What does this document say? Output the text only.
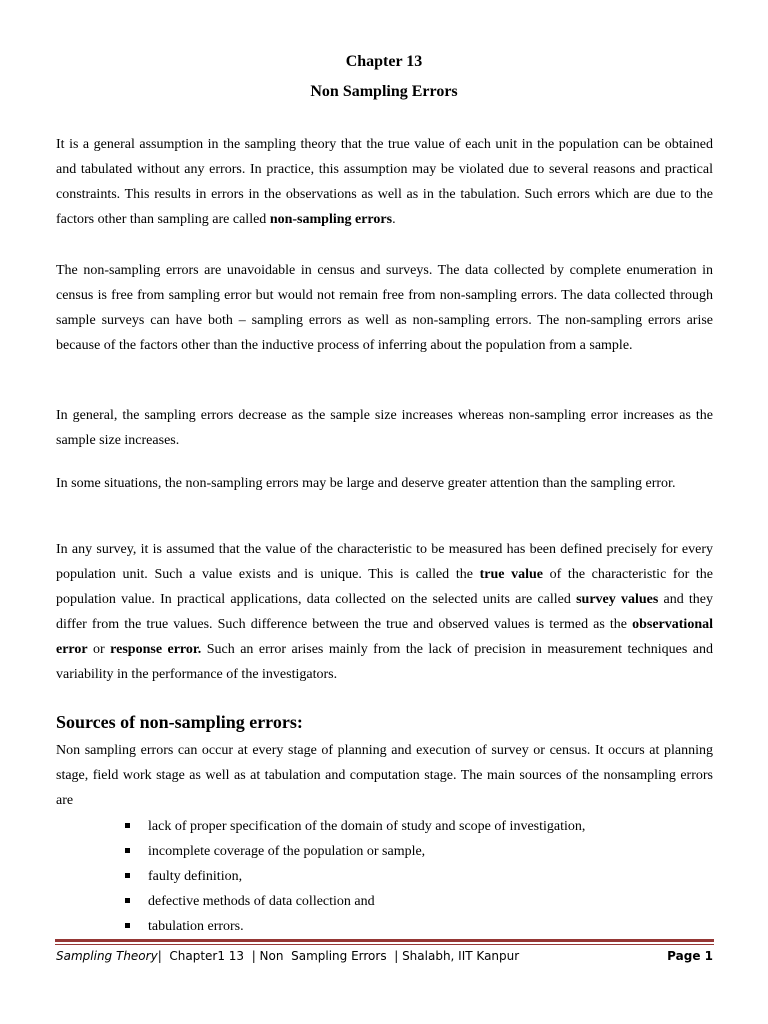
Chapter 13
Non Sampling Errors

It is a general assumption in the sampling theory that the true value of each unit in the population can be obtained and tabulated without any errors. In practice, this assumption may be violated due to several reasons and practical constraints. This results in errors in the observations as well as in the tabulation. Such errors which are due to the factors other than sampling are called non-sampling errors.

The non-sampling errors are unavoidable in census and surveys. The data collected by complete enumeration in census is free from sampling error but would not remain free from non-sampling errors. The data collected through sample surveys can have both – sampling errors as well as non-sampling errors. The non-sampling errors arise because of the factors other than the inductive process of inferring about the population from a sample.

In general, the sampling errors decrease as the sample size increases whereas non-sampling error increases as the sample size increases.

In some situations, the non-sampling errors may be large and deserve greater attention than the sampling error.

In any survey, it is assumed that the value of the characteristic to be measured has been defined precisely for every population unit. Such a value exists and is unique. This is called the true value of the characteristic for the population value. In practical applications, data collected on the selected units are called survey values and they differ from the true values. Such difference between the true and observed values is termed as the observational error or response error. Such an error arises mainly from the lack of precision in measurement techniques and variability in the performance of the investigators.

Sources of non-sampling errors:

Non sampling errors can occur at every stage of planning and execution of survey or census. It occurs at planning stage, field work stage as well as at tabulation and computation stage. The main sources of the nonsampling errors are

lack of proper specification of the domain of study and scope of investigation,
incomplete coverage of the population or sample,
faulty definition,
defective methods of data collection and
tabulation errors.
Sampling Theory|  Chapter1 13  | Non  Sampling Errors  | Shalabh, IIT Kanpur	Page 1
